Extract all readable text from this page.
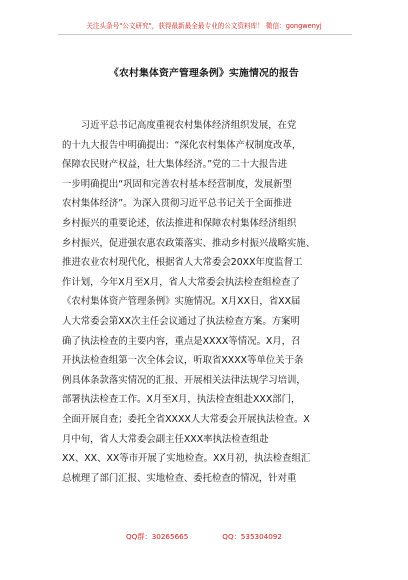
关注头条号"公文研究"，获得最新最全最专业的公文资料库！ 微信：gongwenyj
《农村集体资产管理条例》实施情况的报告
　　习近平总书记高度重视农村集体经济组织发展，在党
的十九大报告中明确提出：“深化农村集体产权制度改革，
保障农民财产权益，壮大集体经济。”党的二十大报告进
一步明确提出“巩固和完善农村基本经营制度，发展新型
农村集体经济”。为深入贯彻习近平总书记关于全面推进
乡村振兴的重要论述，依法推进和保障农村集体经济组织
乡村振兴，促进强农惠农政策落实、推动乡村振兴战略实施、
推进农业农村现代化，根据省人大常委会20XX年度监督工
作计划，今年X月至X月，省人大常委会执法检查组检查了
《农村集体资产管理条例》实施情况。X月XX日，省XX届
人大常委会第XX次主任会议通过了执法检查方案。方案明
确了执法检查的主要内容，重点是XXXX等情况。X月，召
开执法检查组第一次全体会议，听取省XXXX等单位关于条
例具体条款落实情况的汇报、开展相关法律法规学习培训，
部署执法检查工作。X月至X月，执法检查组赴XXX部门，
全面开展自查；委托全省XXXX人大常委会开展执法检查。X
月中旬，省人大常委会副主任XXX率执法检查组赴
XX、XX、XX等市开展了实地检查。XX月初，执法检查组汇
总梳理了部门汇报、实地检查、委托检查的情况，针对重
QQ群：30265665	QQ：535304092
